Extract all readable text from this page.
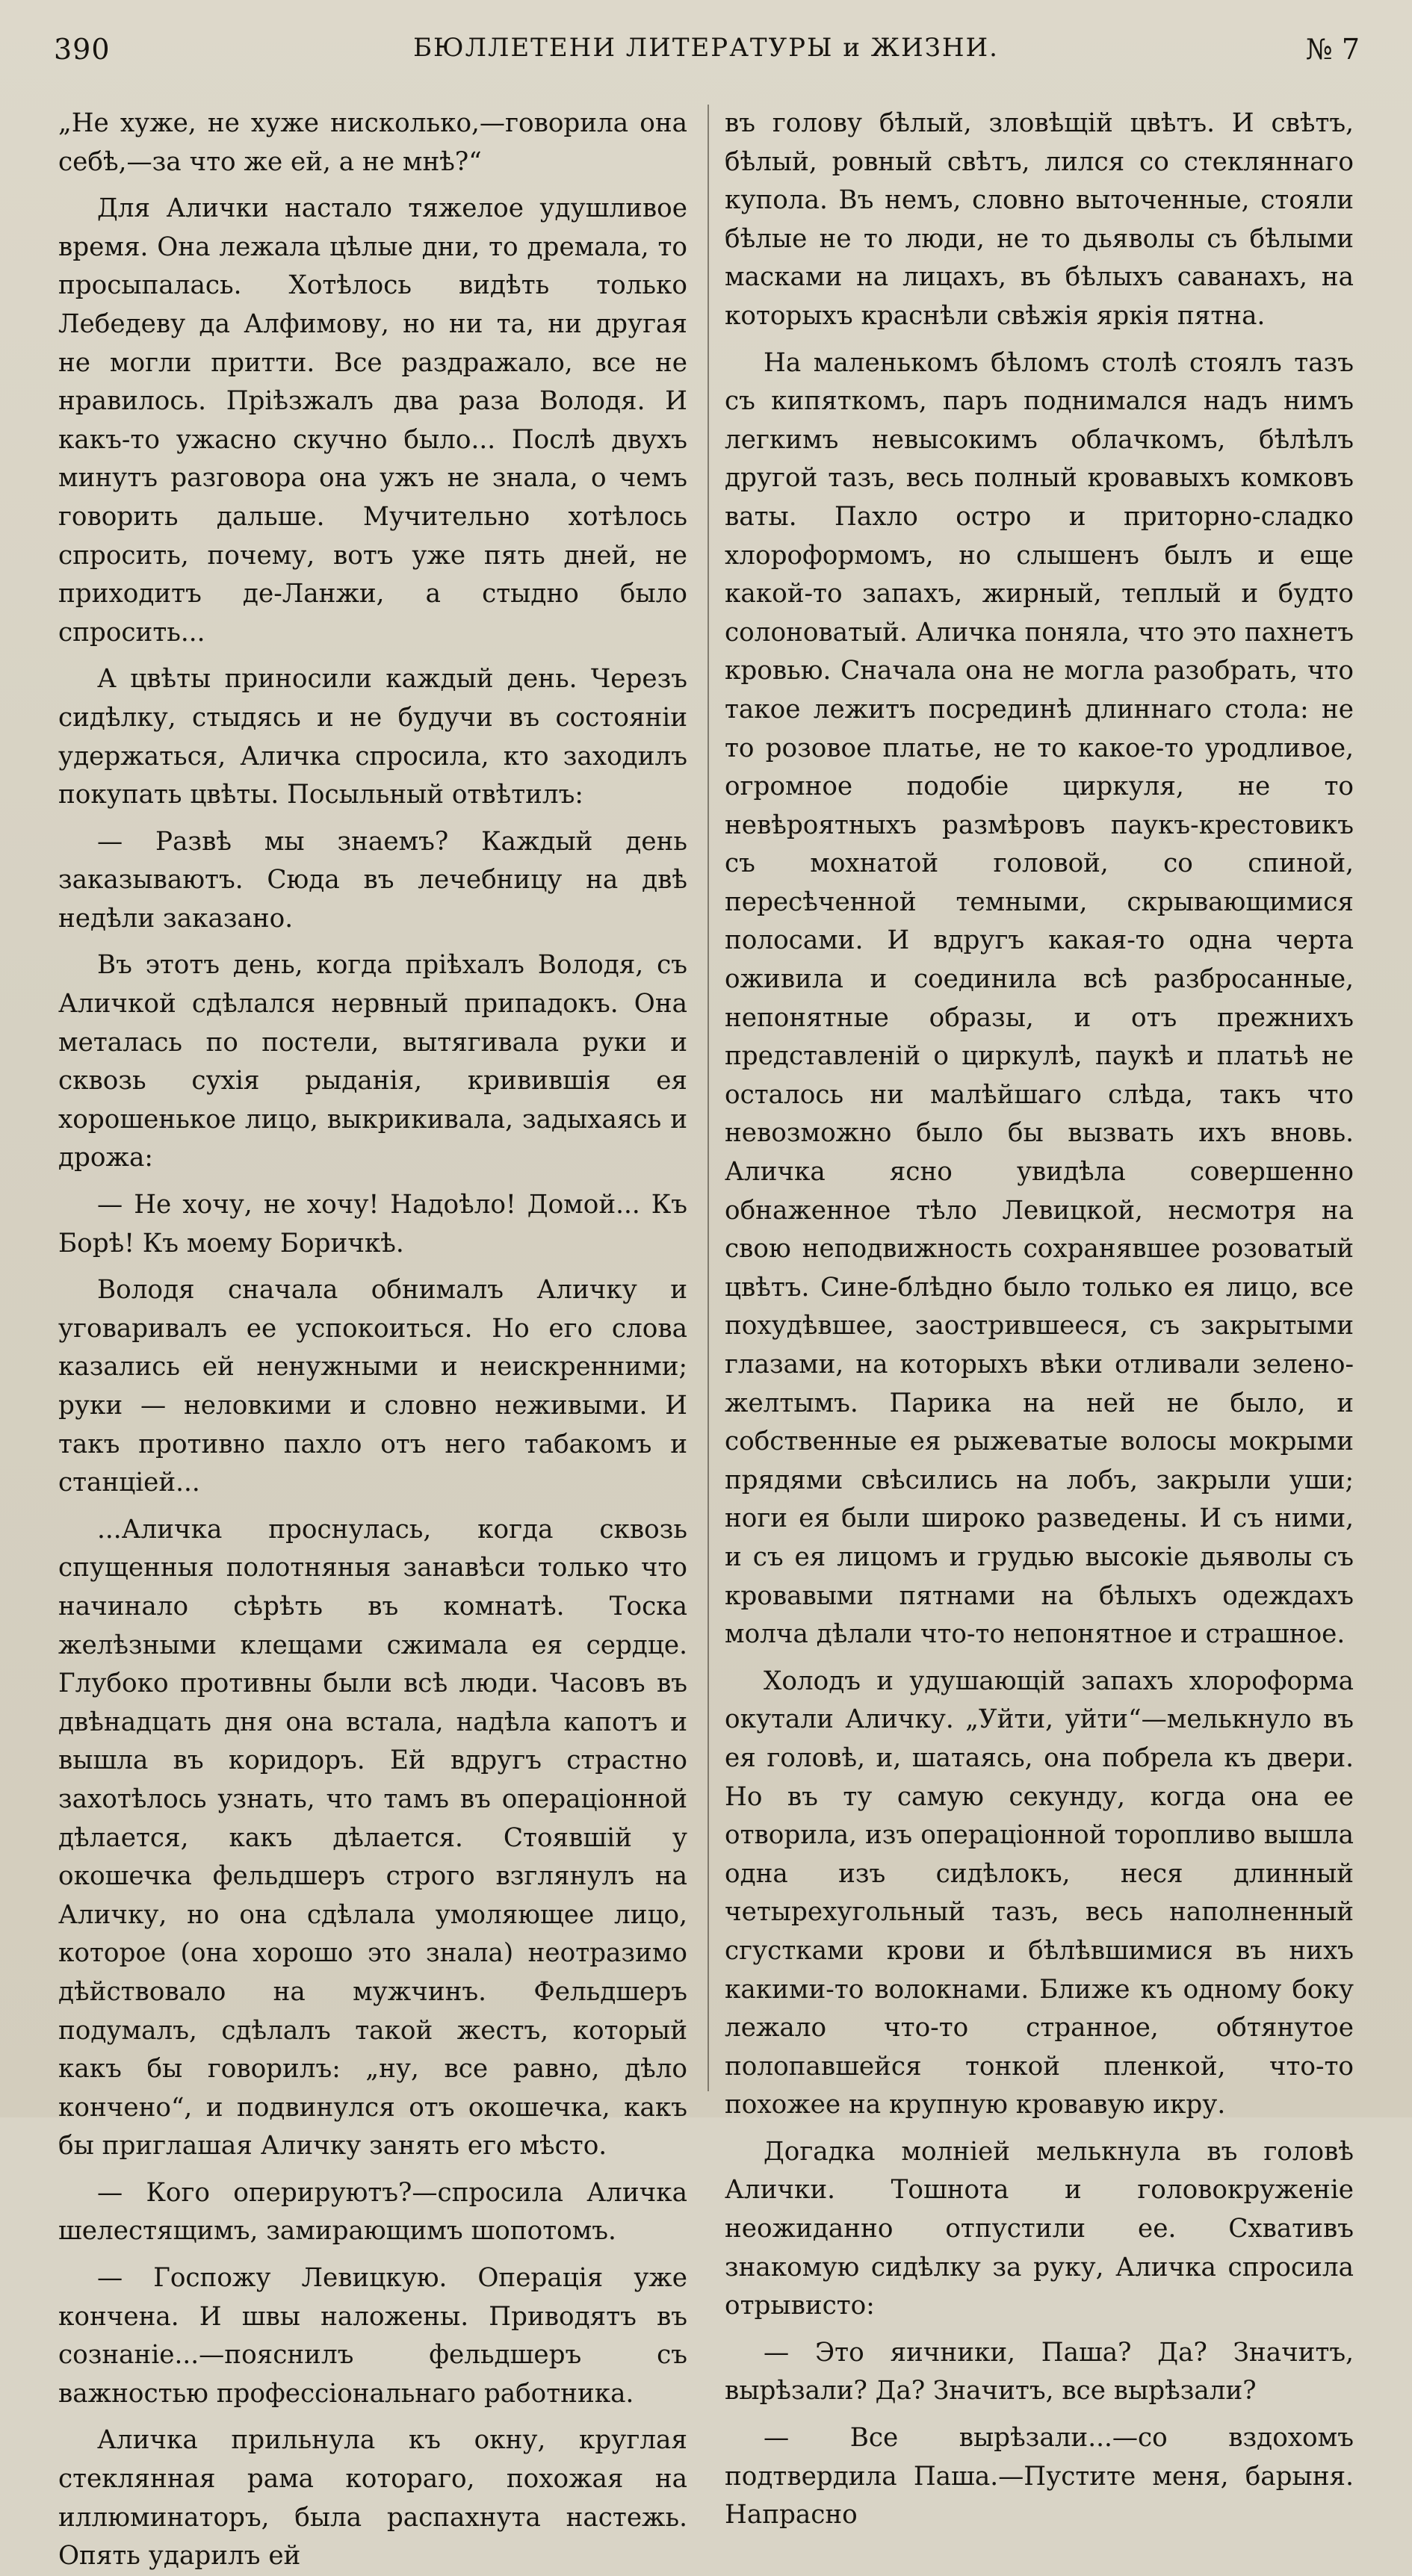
390	БЮЛЛЕТЕНИ ЛИТЕРАТУРЫ и ЖИЗНИ.	№ 7

„Не хуже, не хуже нисколько,—говорила она себѣ,—за что же ей, а не мнѣ?“

Для Алички настало тяжелое удушливое время. Она лежала цѣлые дни, то дремала, то просыпалась. Хотѣлось видѣть только Лебедеву да Алфимову, но ни та, ни другая не могли притти. Все раздражало, все не нравилось. Пріѣзжалъ два раза Володя. И какъ-то ужасно скучно было... Послѣ двухъ минутъ разговора она ужъ не знала, о чемъ говорить дальше. Мучительно хотѣлось спросить, почему, вотъ уже пять дней, не приходитъ де-Ланжи, а стыдно было спросить...

А цвѣты приносили каждый день. Черезъ сидѣлку, стыдясь и не будучи въ состояніи удержаться, Аличка спросила, кто заходилъ покупать цвѣты. Посыльный отвѣтилъ:

— Развѣ мы знаемъ? Каждый день заказываютъ. Сюда въ лечебницу на двѣ недѣли заказано.

Въ этотъ день, когда пріѣхалъ Володя, съ Аличкой сдѣлался нервный припадокъ. Она металась по постели, вытягивала руки и сквозь сухія рыданія, кривившія ея хорошенькое лицо, выкрикивала, задыхаясь и дрожа:

— Не хочу, не хочу! Надоѣло! Домой... Къ Борѣ! Къ моему Боричкѣ.

Володя сначала обнималъ Аличку и уговаривалъ ее успокоиться. Но его слова казались ей ненужными и неискренними; руки — неловкими и словно неживыми. И такъ противно пахло отъ него табакомъ и станціей...

...Аличка проснулась, когда сквозь спущенныя полотняныя занавѣси только что начинало сѣрѣть въ комнатѣ. Тоска желѣзными клещами сжимала ея сердце. Глубоко противны были всѣ люди. Часовъ въ двѣнадцать дня она встала, надѣла капотъ и вышла въ коридоръ. Ей вдругъ страстно захотѣлось узнать, что тамъ въ операціонной дѣлается, какъ дѣлается. Стоявшій у окошечка фельдшеръ строго взглянулъ на Аличку, но она сдѣлала умоляющее лицо, которое (она хорошо это знала) неотразимо дѣйствовало на мужчинъ. Фельдшеръ подумалъ, сдѣлалъ такой жестъ, который какъ бы говорилъ: „ну, все равно, дѣло кончено“, и подвинулся отъ окошечка, какъ бы приглашая Аличку занять его мѣсто.

— Кого оперируютъ?—спросила Аличка шелестящимъ, замирающимъ шопотомъ.

— Госпожу Левицкую. Операція уже кончена. И швы наложены. Приводятъ въ сознаніе...—пояснилъ фельдшеръ съ важностью профессіональнаго работника.

Аличка прильнула къ окну, круглая стеклянная рама котораго, похожая на иллюминаторъ, была распахнута настежь. Опять ударилъ ей

въ голову бѣлый, зловѣщій цвѣтъ. И свѣтъ, бѣлый, ровный свѣтъ, лился со стекляннаго купола. Въ немъ, словно выточенные, стояли бѣлые не то люди, не то дьяволы съ бѣлыми масками на лицахъ, въ бѣлыхъ саванахъ, на которыхъ краснѣли свѣжія яркія пятна.

На маленькомъ бѣломъ столѣ стоялъ тазъ съ кипяткомъ, паръ поднимался надъ нимъ легкимъ невысокимъ облачкомъ, бѣлѣлъ другой тазъ, весь полный кровавыхъ комковъ ваты. Пахло остро и приторно-сладко хлороформомъ, но слышенъ былъ и еще какой-то запахъ, жирный, теплый и будто солоноватый. Аличка поняла, что это пахнетъ кровью. Сначала она не могла разобрать, что такое лежитъ посрединѣ длиннаго стола: не то розовое платье, не то какое-то уродливое, огромное подобіе циркуля, не то невѣроятныхъ размѣровъ паукъ-крестовикъ съ мохнатой головой, со спиной, пересѣченной темными, скрывающимися полосами. И вдругъ какая-то одна черта оживила и соединила всѣ разбросанные, непонятные образы, и отъ прежнихъ представленій о циркулѣ, паукѣ и платьѣ не осталось ни малѣйшаго слѣда, такъ что невозможно было бы вызвать ихъ вновь. Аличка ясно увидѣла совершенно обнаженное тѣло Левицкой, несмотря на свою неподвижность сохранявшее розоватый цвѣтъ. Сине-блѣдно было только ея лицо, все похудѣвшее, заострившееся, съ закрытыми глазами, на которыхъ вѣки отливали зелено-желтымъ. Парика на ней не было, и собственные ея рыжеватые волосы мокрыми прядями свѣсились на лобъ, закрыли уши; ноги ея были широко разведены. И съ ними, и съ ея лицомъ и грудью высокіе дьяволы съ кровавыми пятнами на бѣлыхъ одеждахъ молча дѣлали что-то непонятное и страшное.

Холодъ и удушающій запахъ хлороформа окутали Аличку. „Уйти, уйти“—мелькнуло въ ея головѣ, и, шатаясь, она побрела къ двери. Но въ ту самую секунду, когда она ее отворила, изъ операціонной торопливо вышла одна изъ сидѣлокъ, неся длинный четырехугольный тазъ, весь наполненный сгустками крови и бѣлѣвшимися въ нихъ какими-то волокнами. Ближе къ одному боку лежало что-то странное, обтянутое полопавшейся тонкой пленкой, что-то похожее на крупную кровавую икру.

Догадка молніей мелькнула въ головѣ Алички. Тошнота и головокруженіе неожиданно отпустили ее. Схвативъ знакомую сидѣлку за руку, Аличка спросила отрывисто:

— Это яичники, Паша? Да? Значитъ, вырѣзали? Да? Значитъ, все вырѣзали?

— Все вырѣзали...—со вздохомъ подтвердила Паша.—Пустите меня, барыня. Напрасно
